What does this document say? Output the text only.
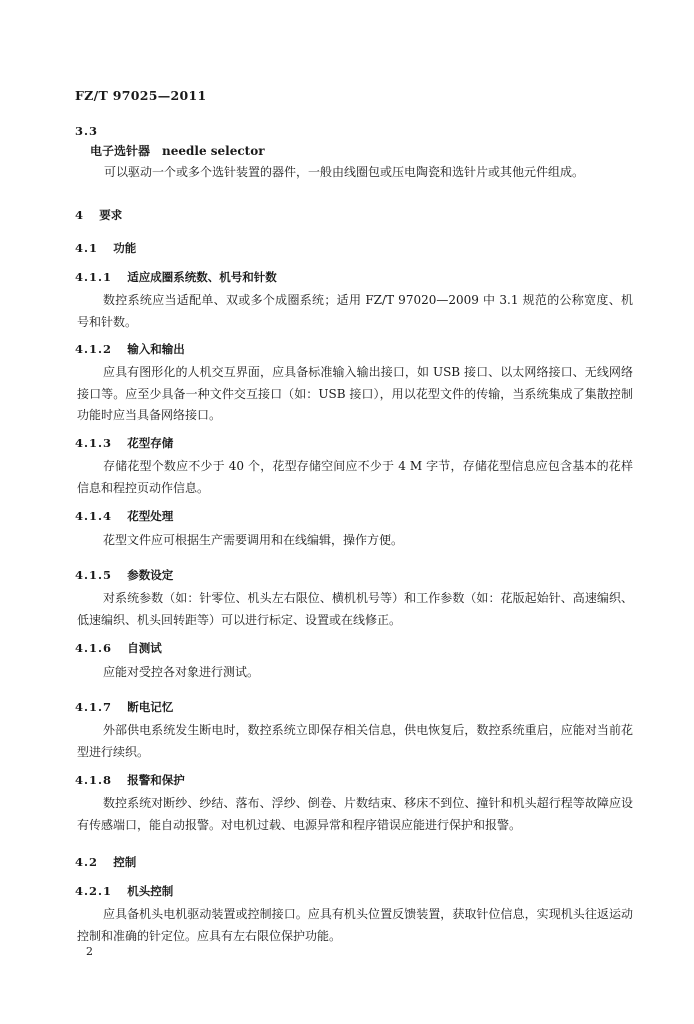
FZ/T 97025—2011
3.3
电子选针器　needle selector
可以驱动一个或多个选针装置的器件，一般由线圈包或压电陶瓷和选针片或其他元件组成。
4 要求
4.1 功能
4.1.1 适应成圈系统数、机号和针数
数控系统应当适配单、双或多个成圈系统；适用 FZ/T 97020—2009 中 3.1 规范的公称宽度、机号和针数。
4.1.2 输入和输出
应具有图形化的人机交互界面，应具备标准输入输出接口，如 USB 接口、以太网络接口、无线网络接口等。应至少具备一种文件交互接口（如：USB 接口），用以花型文件的传输，当系统集成了集散控制功能时应当具备网络接口。
4.1.3 花型存储
存储花型个数应不少于 40 个，花型存储空间应不少于 4 M 字节，存储花型信息应包含基本的花样信息和程控页动作信息。
4.1.4 花型处理
花型文件应可根据生产需要调用和在线编辑，操作方便。
4.1.5 参数设定
对系统参数（如：针零位、机头左右限位、横机机号等）和工作参数（如：花版起始针、高速编织、低速编织、机头回转距等）可以进行标定、设置或在线修正。
4.1.6 自测试
应能对受控各对象进行测试。
4.1.7 断电记忆
外部供电系统发生断电时，数控系统立即保存相关信息，供电恢复后，数控系统重启，应能对当前花型进行续织。
4.1.8 报警和保护
数控系统对断纱、纱结、落布、浮纱、倒卷、片数结束、移床不到位、撞针和机头超行程等故障应设有传感端口，能自动报警。对电机过载、电源异常和程序错误应能进行保护和报警。
4.2 控制
4.2.1 机头控制
应具备机头电机驱动装置或控制接口。应具有机头位置反馈装置，获取针位信息，实现机头往返运动控制和准确的针定位。应具有左右限位保护功能。
2
